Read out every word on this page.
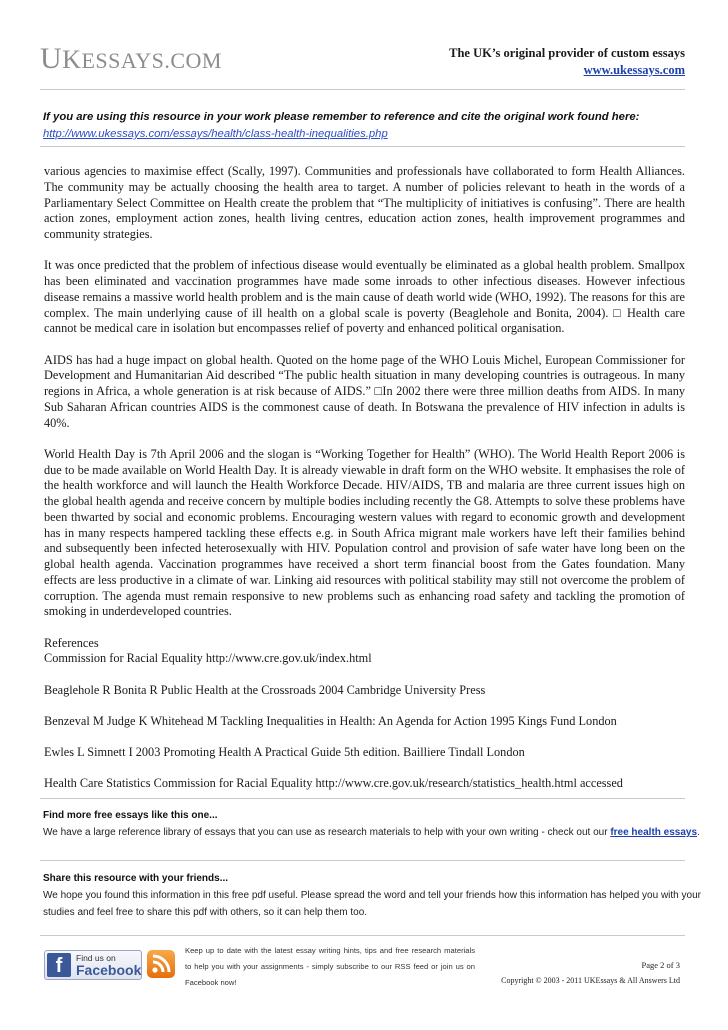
UKESSAYS.COM	The UK’s original provider of custom essays
www.ukessays.com
If you are using this resource in your work please remember to reference and cite the original work found here:
http://www.ukessays.com/essays/health/class-health-inequalities.php

various agencies to maximise effect (Scally, 1997). Communities and professionals have collaborated to form Health Alliances. The community may be actually choosing the health area to target. A number of policies relevant to heath in the words of a Parliamentary Select Committee on Health create the problem that “The multiplicity of initiatives is confusing”. There are health action zones, employment action zones, health living centres, education action zones, health improvement programmes and community strategies.

It was once predicted that the problem of infectious disease would eventually be eliminated as a global health problem. Smallpox has been eliminated and vaccination programmes have made some inroads to other infectious diseases. However infectious disease remains a massive world health problem and is the main cause of death world wide (WHO, 1992). The reasons for this are complex. The main underlying cause of ill health on a global scale is poverty (Beaglehole and Bonita, 2004). □ Health care cannot be medical care in isolation but encompasses relief of poverty and enhanced political organisation.

AIDS has had a huge impact on global health. Quoted on the home page of the WHO Louis Michel, European Commissioner for Development and Humanitarian Aid described “The public health situation in many developing countries is outrageous. In many regions in Africa, a whole generation is at risk because of AIDS.” □In 2002 there were three million deaths from AIDS. In many Sub Saharan African countries AIDS is the commonest cause of death. In Botswana the prevalence of HIV infection in adults is 40%.

World Health Day is 7th April 2006 and the slogan is “Working Together for Health” (WHO). The World Health Report 2006 is due to be made available on World Health Day. It is already viewable in draft form on the WHO website. It emphasises the role of the health workforce and will launch the Health Workforce Decade. HIV/AIDS, TB and malaria are three current issues high on the global health agenda and receive concern by multiple bodies including recently the G8. Attempts to solve these problems have been thwarted by social and economic problems. Encouraging western values with regard to economic growth and development has in many respects hampered tackling these effects e.g. in South Africa migrant male workers have left their families behind and subsequently been infected heterosexually with HIV. Population control and provision of safe water have long been on the global health agenda. Vaccination programmes have received a short term financial boost from the Gates foundation. Many effects are less productive in a climate of war. Linking aid resources with political stability may still not overcome the problem of corruption. The agenda must remain responsive to new problems such as enhancing road safety and tackling the promotion of smoking in underdeveloped countries.

References

Commission for Racial Equality http://www.cre.gov.uk/index.html

Beaglehole R Bonita R Public Health at the Crossroads 2004 Cambridge University Press

Benzeval M Judge K Whitehead M Tackling Inequalities in Health: An Agenda for Action 1995 Kings Fund London

Ewles L Simnett I 2003 Promoting Health A Practical Guide 5th edition. Bailliere Tindall London

Health Care Statistics Commission for Racial Equality http://www.cre.gov.uk/research/statistics_health.html accessed

Find more free essays like this one...
We have a large reference library of essays that you can use as research materials to help with your own writing - check out our free health essays.
Share this resource with your friends...
We hope you found this information in this free pdf useful. Please spread the word and tell your friends how this information has helped you with your
studies and feel free to share this pdf with others, so it can help them too.
f	Find us on
Facebook
Keep up to date with the latest essay writing hints, tips and free research materials
to help you with your assignments - simply subscribe to our RSS feed or join us on
Facebook now!
Page 2 of 3
Copyright © 2003 - 2011 UKEssays & All Answers Ltd
